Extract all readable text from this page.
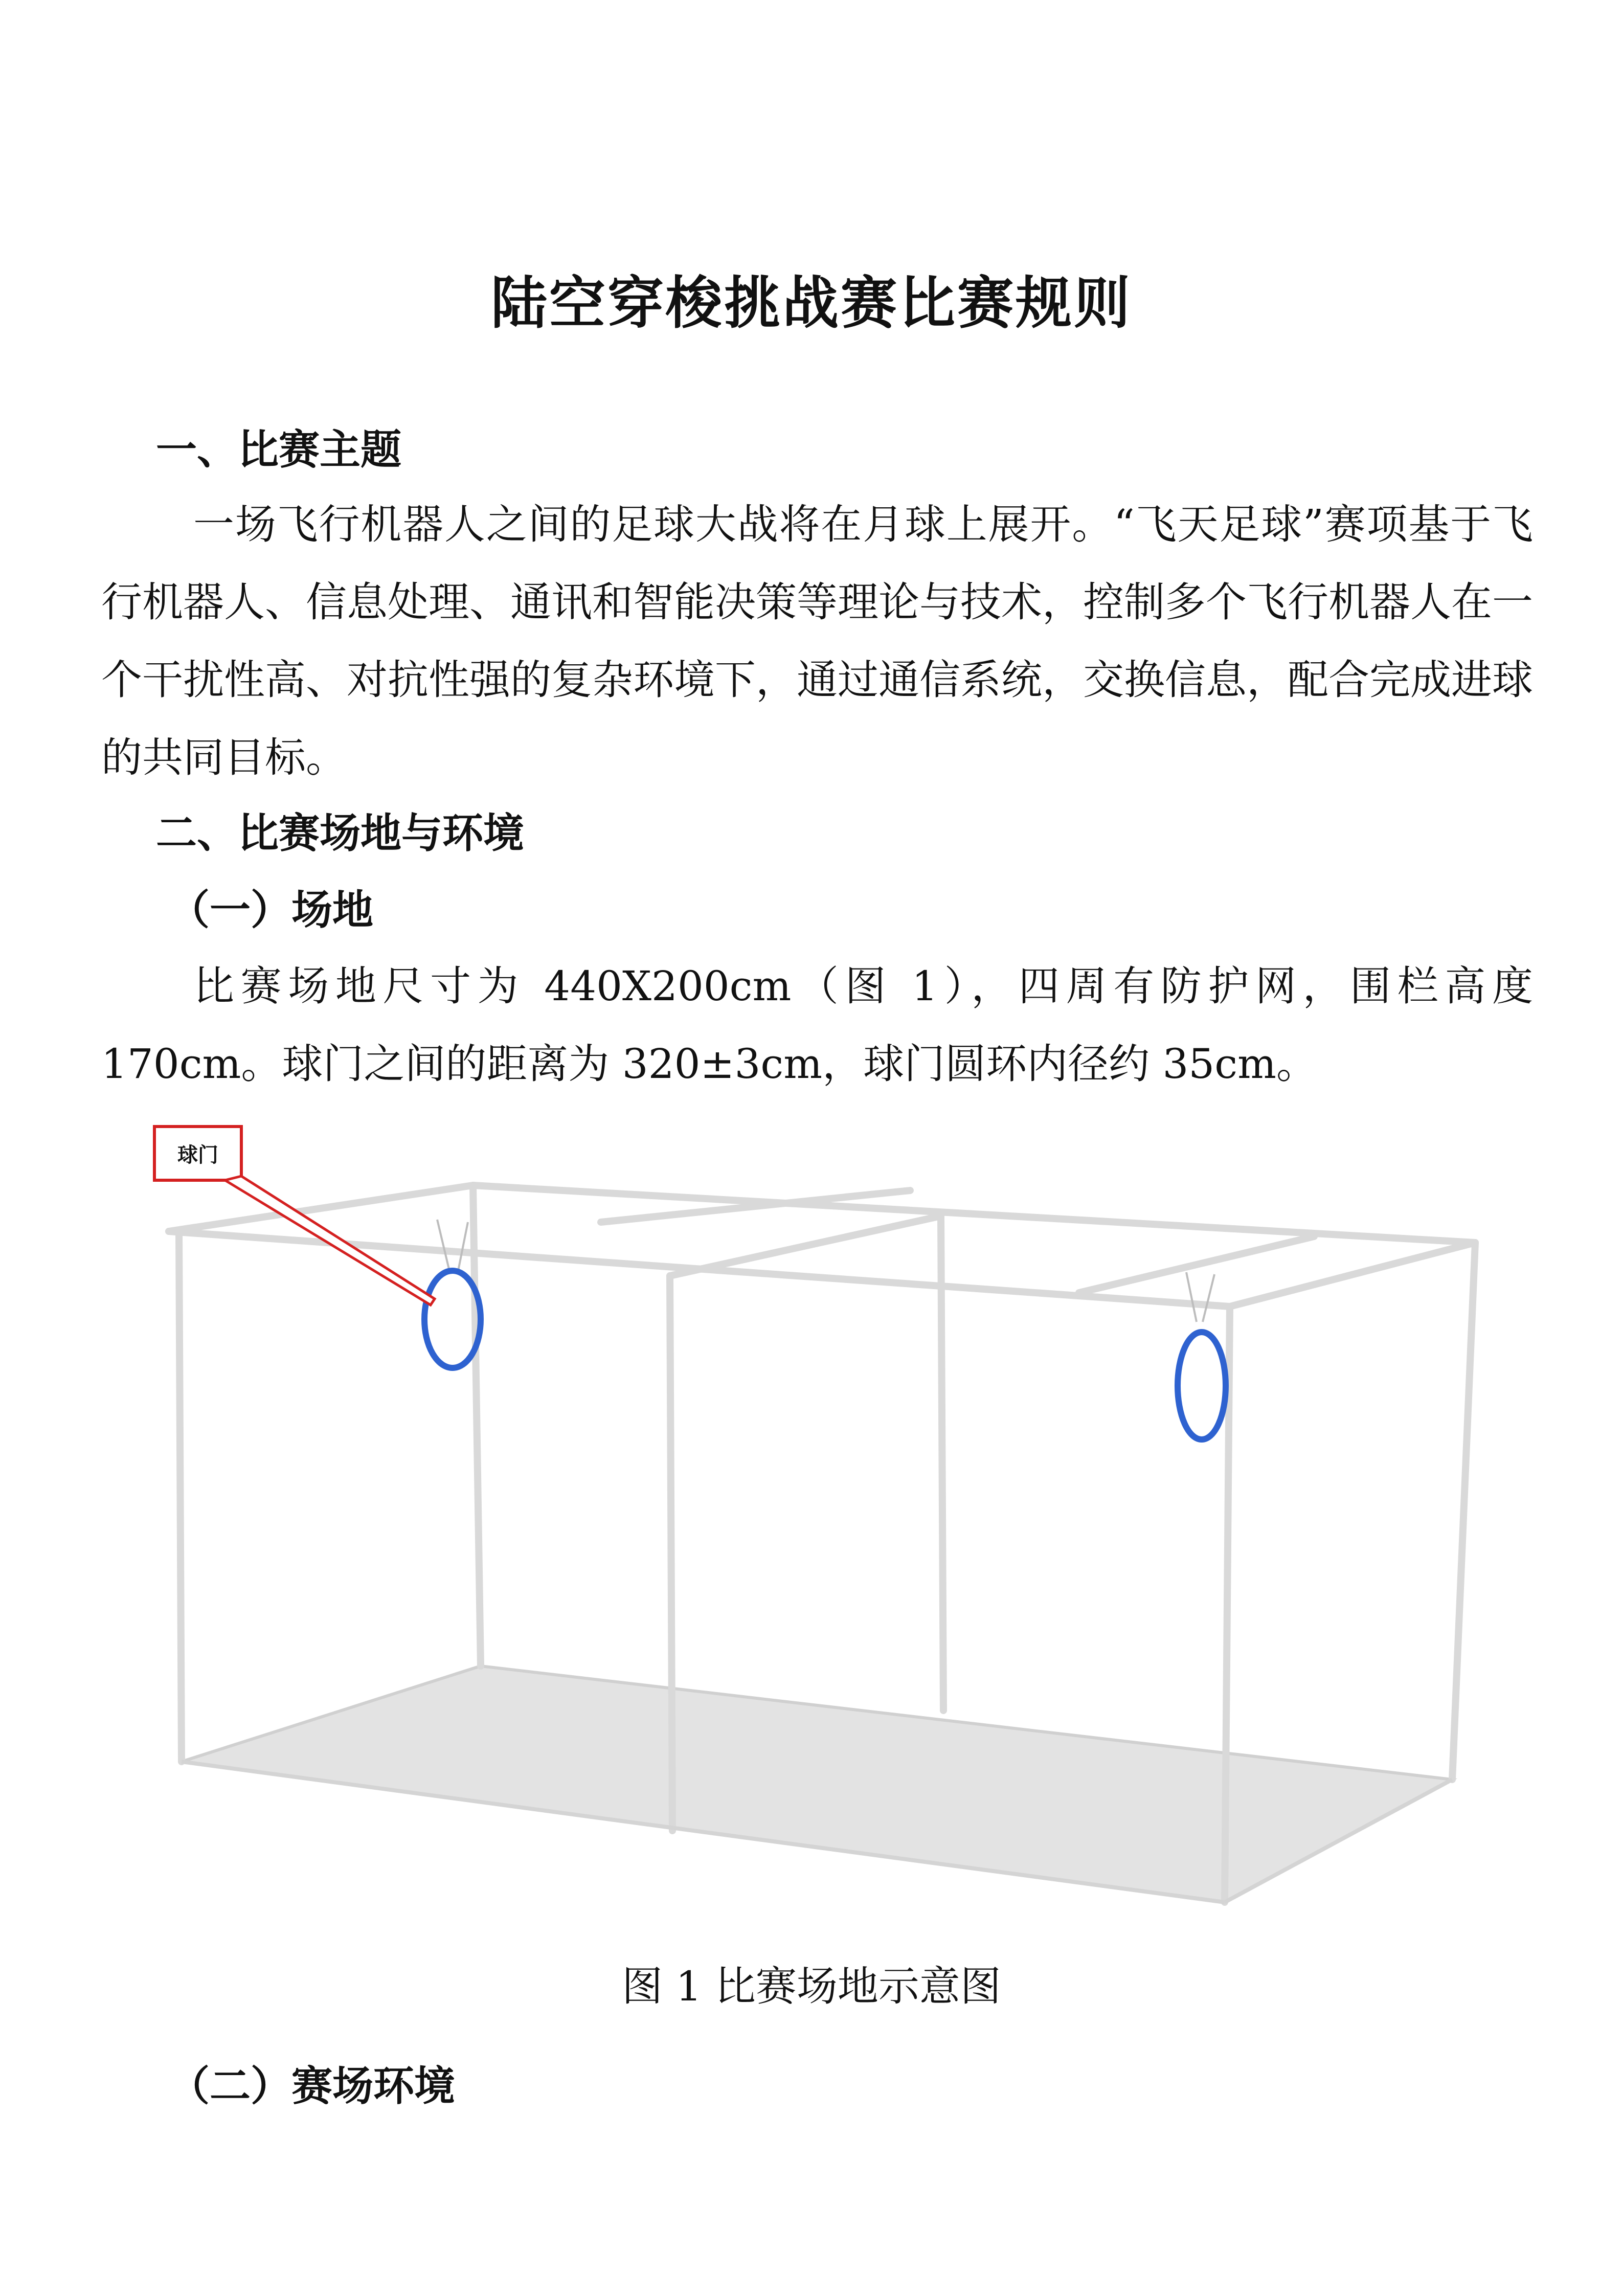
陆空穿梭挑战赛比赛规则
一、比赛主题

一场飞行机器人之间的足球大战将在月球上展开。“飞天足球”赛项基于飞行机器人、信息处理、通讯和智能决策等理论与技术，控制多个飞行机器人在一个干扰性高、对抗性强的复杂环境下，通过通信系统，交换信息，配合完成进球的共同目标。

二、比赛场地与环境
（一）场地

比赛场地尺寸为 440X200cm（图 1），四周有防护网，围栏高度 170cm。球门之间的距离为 320±3cm，球门圆环内径约 35cm。

球门

图 1 比赛场地示意图

（二）赛场环境
